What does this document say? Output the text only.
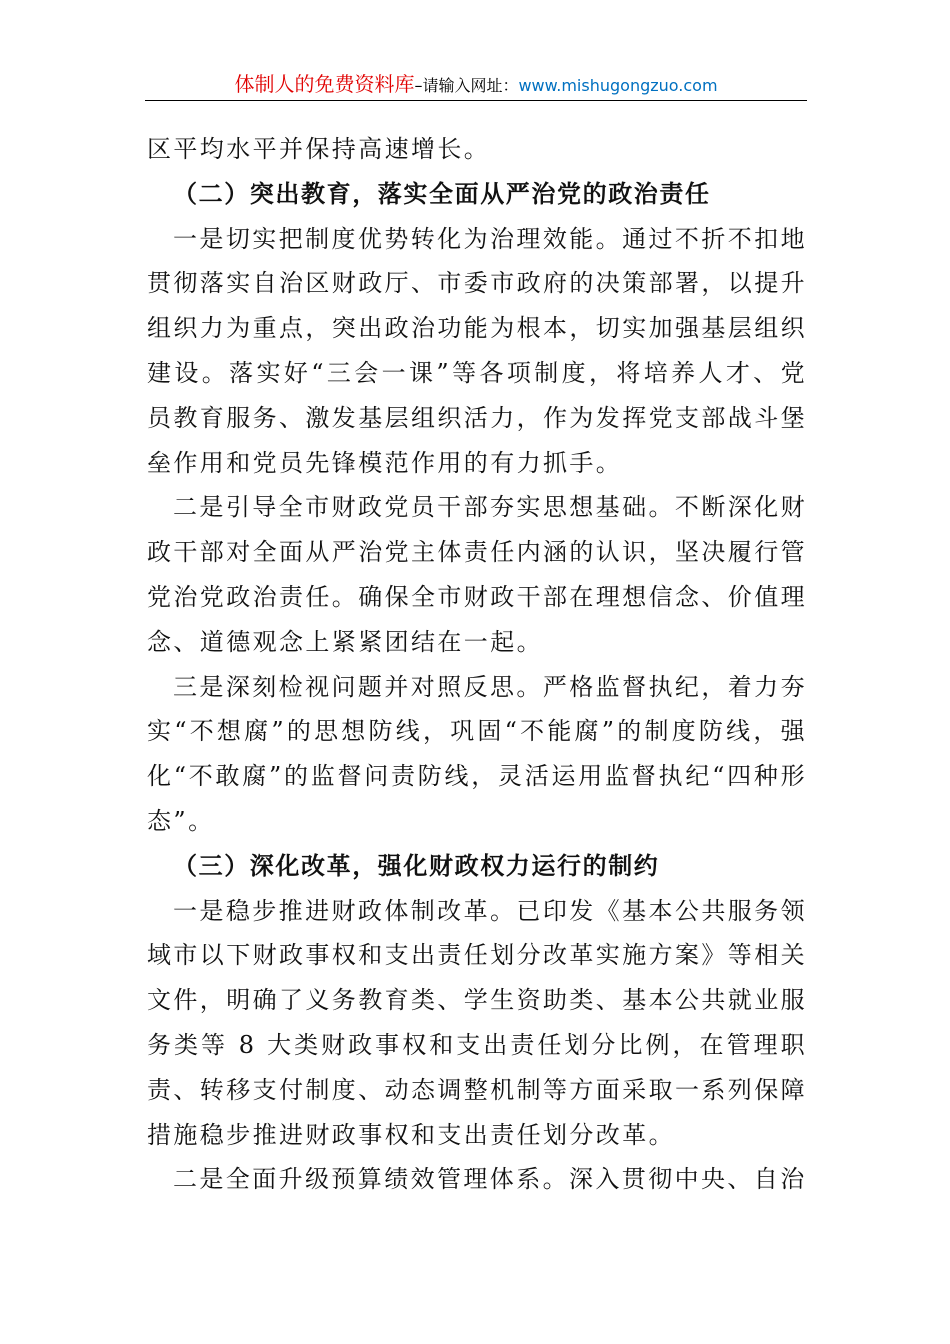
体制人的免费资料库–请输入网址：www.mishugongzuo.com

区平均水平并保持高速增长。

（二）突出教育，落实全面从严治党的政治责任

一是切实把制度优势转化为治理效能。通过不折不扣地贯彻落实自治区财政厅、市委市政府的决策部署，以提升组织力为重点，突出政治功能为根本，切实加强基层组织建设。落实好“三会一课”等各项制度，将培养人才、党员教育服务、激发基层组织活力，作为发挥党支部战斗堡垒作用和党员先锋模范作用的有力抓手。

二是引导全市财政党员干部夯实思想基础。不断深化财政干部对全面从严治党主体责任内涵的认识，坚决履行管党治党政治责任。确保全市财政干部在理想信念、价值理念、道德观念上紧紧团结在一起。

三是深刻检视问题并对照反思。严格监督执纪，着力夯实“不想腐”的思想防线，巩固“不能腐”的制度防线，强化“不敢腐”的监督问责防线，灵活运用监督执纪“四种形态”。

（三）深化改革，强化财政权力运行的制约

一是稳步推进财政体制改革。已印发《基本公共服务领域市以下财政事权和支出责任划分改革实施方案》等相关文件，明确了义务教育类、学生资助类、基本公共就业服务类等 8 大类财政事权和支出责任划分比例，在管理职责、转移支付制度、动态调整机制等方面采取一系列保障措施稳步推进财政事权和支出责任划分改革。

二是全面升级预算绩效管理体系。深入贯彻中央、自治
